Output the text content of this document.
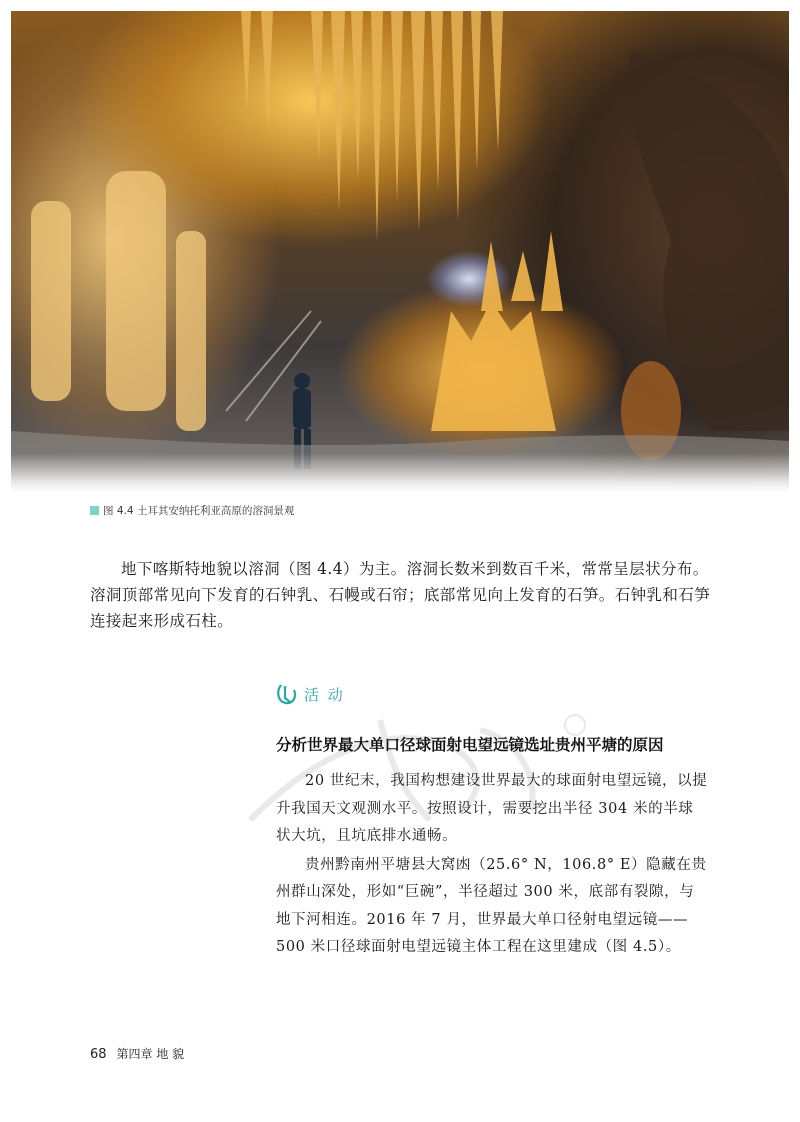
图 4.4 土耳其安纳托利亚高原的溶洞景观

地下喀斯特地貌以溶洞（图 4.4）为主。溶洞长数米到数百千米，常常呈层状分布。溶洞顶部常见向下发育的石钟乳、石幔或石帘；底部常见向上发育的石笋。石钟乳和石笋连接起来形成石柱。

活 动
分析世界最大单口径球面射电望远镜选址贵州平塘的原因

20 世纪末，我国构想建设世界最大的球面射电望远镜，以提升我国天文观测水平。按照设计，需要挖出半径 304 米的半球状大坑，且坑底排水通畅。

贵州黔南州平塘县大窝凼（25.6° N，106.8° E）隐藏在贵州群山深处，形如“巨碗”，半径超过 300 米，底部有裂隙，与地下河相连。2016 年 7 月，世界最大单口径射电望远镜——500 米口径球面射电望远镜主体工程在这里建成（图 4.5）。

68 第四章 地 貌
